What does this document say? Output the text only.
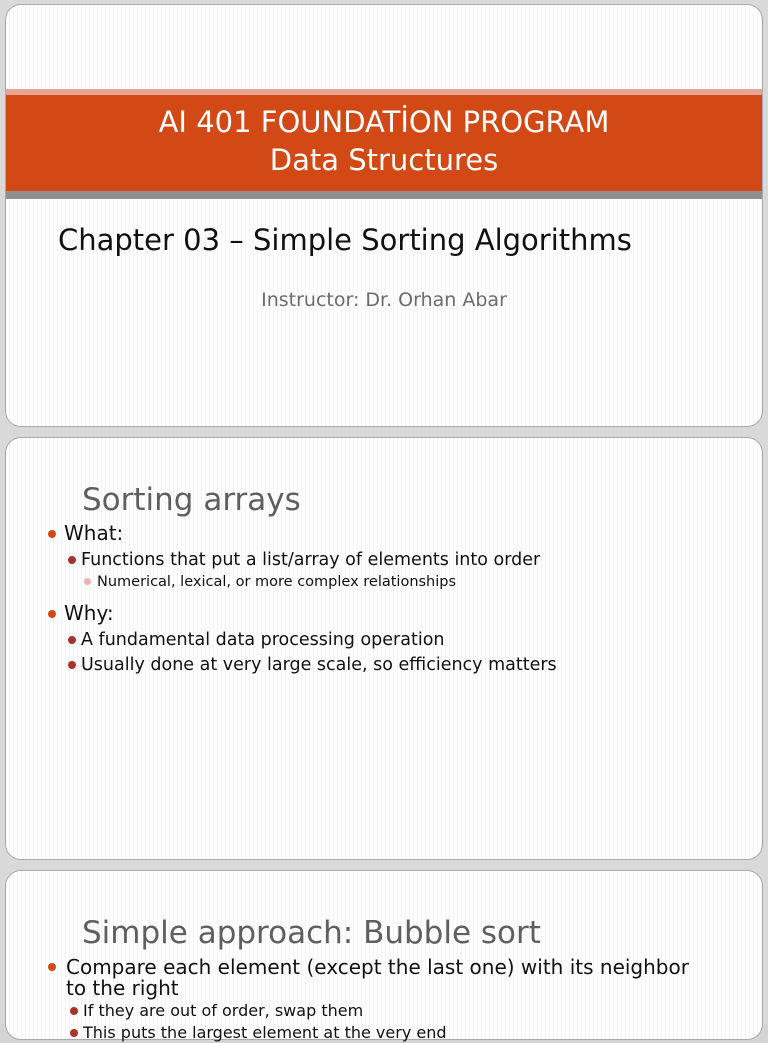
AI 401 FOUNDATİON PROGRAM
Data Structures
Chapter 03 – Simple Sorting Algorithms
Instructor: Dr. Orhan Abar
Sorting arrays
What:
Functions that put a list/array of elements into order
Numerical, lexical, or more complex relationships
Why:
A fundamental data processing operation
Usually done at very large scale, so efficiency matters
Simple approach: Bubble sort
Compare each element (except the last one) with its neighbor to the right
If they are out of order, swap them
This puts the largest element at the very end
